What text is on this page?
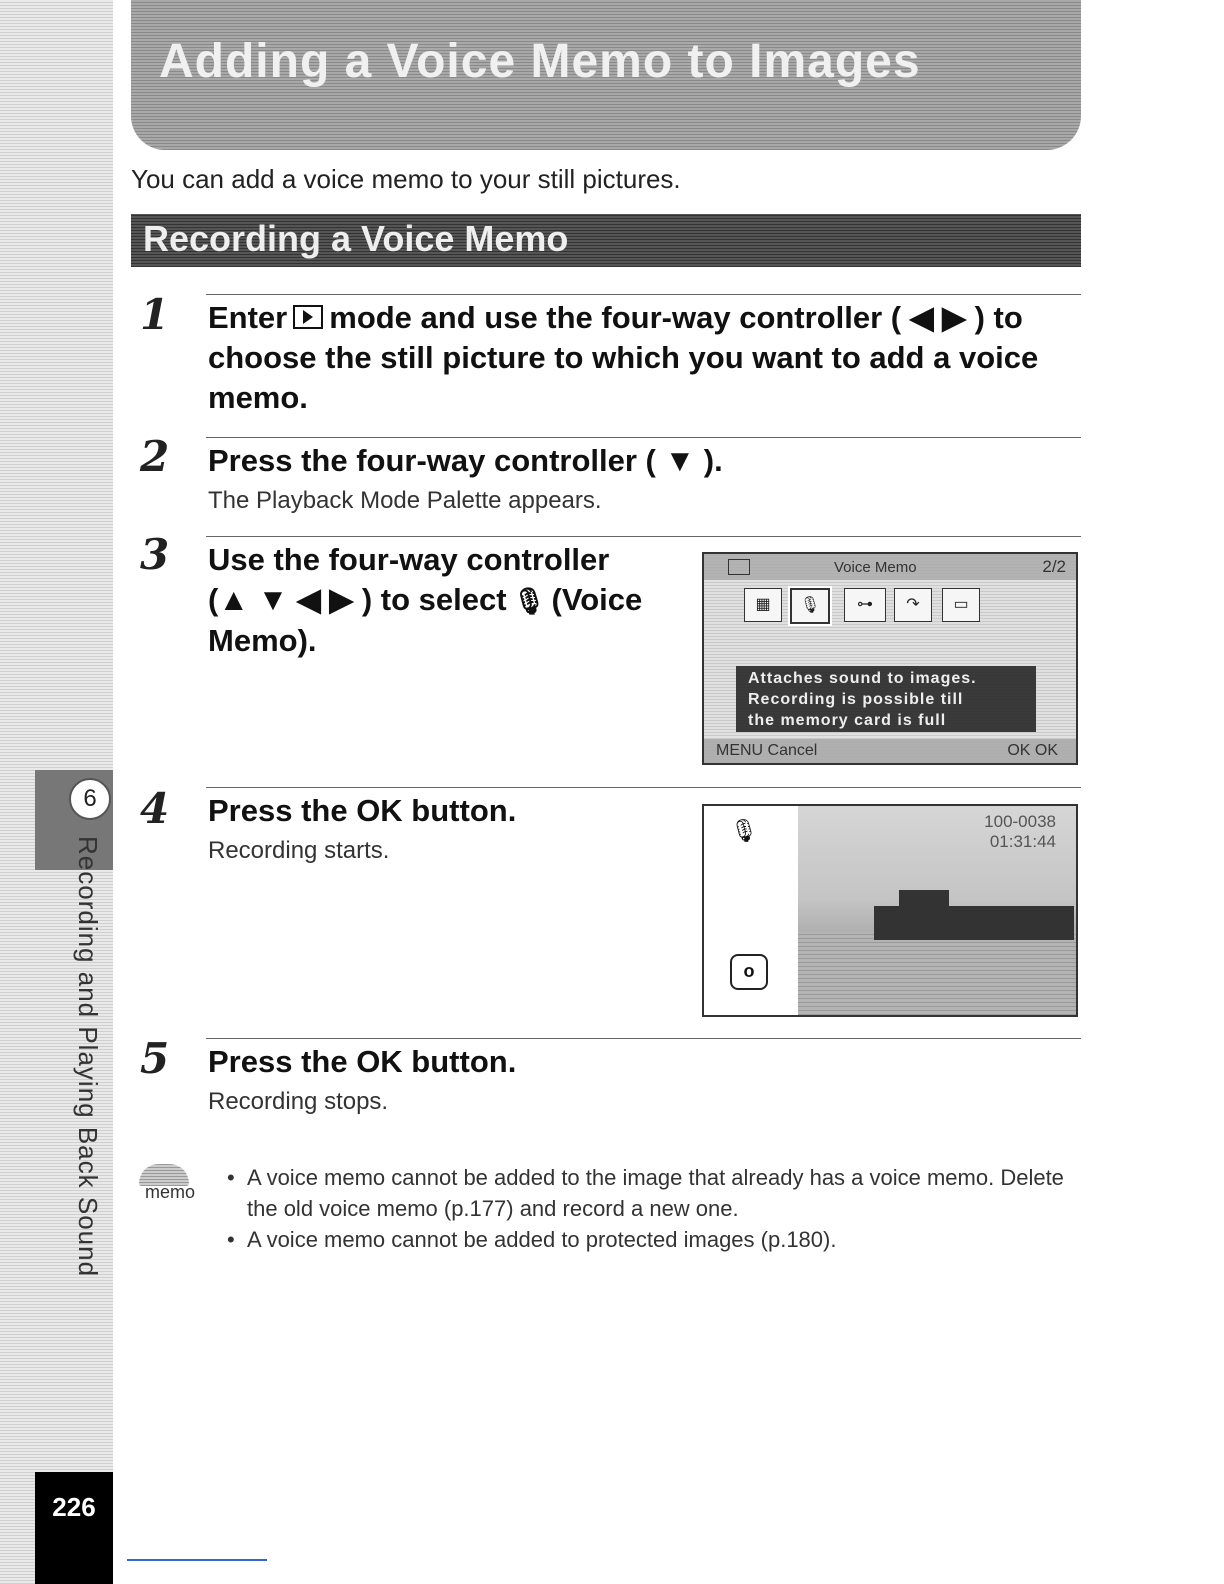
6
Recording and Playing Back Sound
226
Adding a Voice Memo to Images
You can add a voice memo to your still pictures.
Recording a Voice Memo
1 Enter mode and use the four-way controller ( ◀ ▶ ) to
choose the still picture to which you want to add a voice
memo.
2 Press the four-way controller ( ▼ ).
The Playback Mode Palette appears.
3 Use the four-way controller
(▲ ▼ ◀ ▶ ) to select 🎙 (Voice
Memo).
Voice Memo	2/2
▦	🎙	⊶	↷	▭
Attaches sound to images.
Recording is possible till
the memory card is full
MENU Cancel	OK OK
4 Press the OK button.
Recording starts.
🎙
o
100-0038
01:31:44
5 Press the OK button.
Recording stops.
memo
• A voice memo cannot be added to the image that already has a voice memo. Delete the old voice memo (p.177) and record a new one.
• A voice memo cannot be added to protected images (p.180).
